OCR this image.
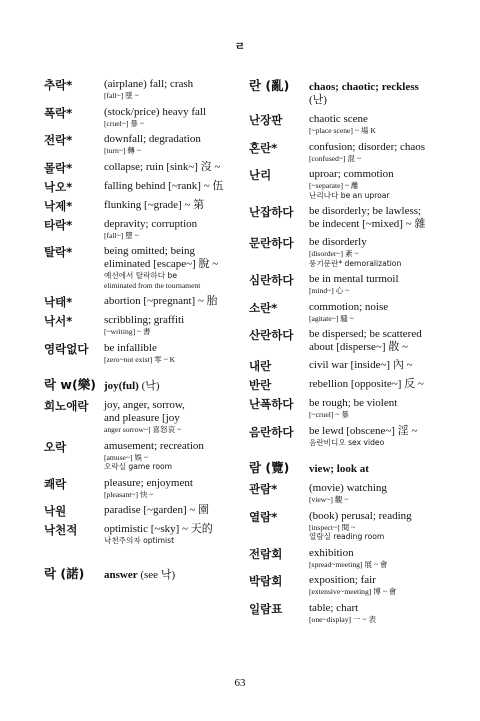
ㄹ
추락*	(airplane) fall; crash
[fall~] 墜 ~
폭락*	(stock/price) heavy fall
[cruel~] 暴 ~
전락*	downfall; degradation
[turn~] 轉 ~
몰락*	collapse; ruin [sink~] 沒 ~
낙오*	falling behind [~rank] ~ 伍
낙제*	flunking [~grade] ~ 第
타락*	depravity; corruption
[fall~] 墮 ~
탈락*	being omitted; being
eliminated [escape~] 脫 ~
예선에서 탈락하다 be
eliminated from the tournament
낙태*	abortion [~pregnant] ~ 胎
낙서*	scribbling; graffiti
[~writing] ~ 書
영락없다	be infallible
[zero~not exist] 零 ~ K
락 w(樂) joy(ful) (낙)
희노애락	joy, anger, sorrow,
and pleasure [joy
anger sorrow~] 喜怒哀 ~
오락	amusement; recreation
[amuse~] 娛 ~
오락실 game room
쾌락	pleasure; enjoyment
[pleasant~] 快 ~
낙원	paradise [~garden] ~ 園
낙천적	optimistic [~sky] ~ 天的
낙천주의자 optimist
락 (諾)	answer (see 낙)
란 (亂)	chaos; chaotic; reckless
(난)
난장판	chaotic scene
[~place scene] ~ 場 K
혼란*	confusion; disorder; chaos
[confused~] 混 ~
난리	uproar; commotion
[~separate] ~ 離
난리나다 be an uproar
난잡하다	be disorderly; be lawless;
be indecent [~mixed] ~ 雜
문란하다	be disorderly
[disorder~] 紊 ~
풍기문란* demoralization
심란하다	be in mental turmoil
[mind~] 心 ~
소란*	commotion; noise
[agitate~] 騷 ~
산란하다	be dispersed; be scattered
about [disperse~] 散 ~
내란	civil war [inside~] 內 ~
반란	rebellion [opposite~] 反 ~
난폭하다	be rough; be violent
[~cruel] ~ 暴
음란하다	be lewd [obscene~] 淫 ~
음란비디오 sex video
람 (覽)	view; look at
관람*	(movie) watching
[view~] 觀 ~
열람*	(book) perusal; reading
[inspect~] 閱 ~
열람실 reading room
전람회	exhibition
[spread~meeting] 展 ~ 會
박람회	exposition; fair
[extensive~meeting] 博 ~ 會
일람표	table; chart
[one~display] 一 ~ 表
63
